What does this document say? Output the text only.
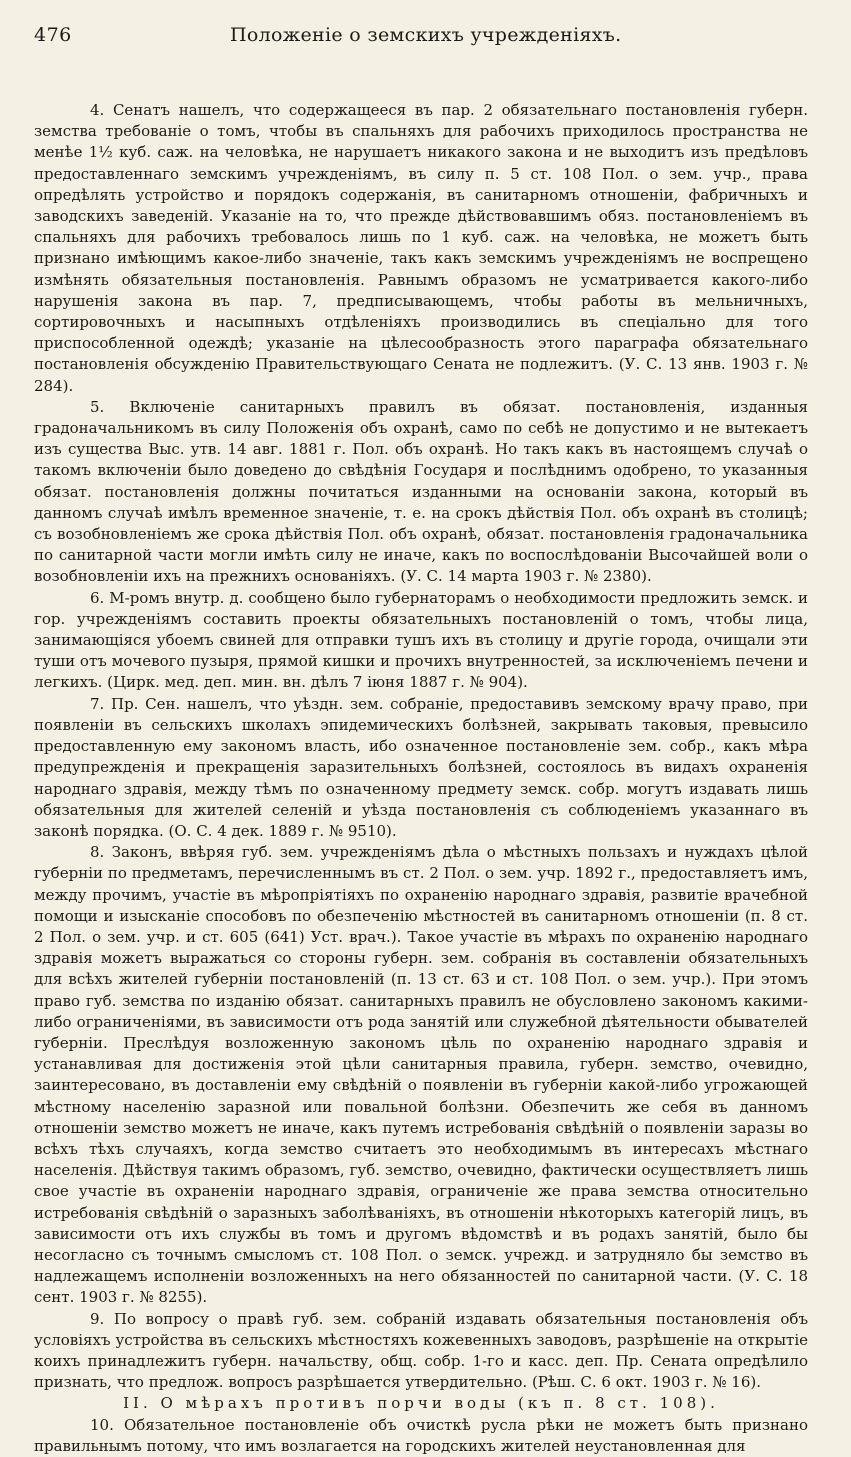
476	Положенie о земскихъ учрежденiяхъ.

4. Сенатъ нашелъ, что содержащееся въ пар. 2 обязательнаго постановленiя губерн. земства требованiе о томъ, чтобы въ спальняхъ для рабочихъ приходилось пространства не менѣе 1½ куб. саж. на человѣка, не нарушаетъ никакого закона и не выходитъ изъ предѣловъ предоставленнаго земскимъ учрежденiямъ, въ силу п. 5 ст. 108 Пол. о зем. учр., права опредѣлять устройство и порядокъ содержанiя, въ санитарномъ отношенiи, фабричныхъ и заводскихъ заведенiй. Указанiе на то, что прежде дѣйствовавшимъ обяз. постановленiемъ въ спальняхъ для рабочихъ требовалось лишь по 1 куб. саж. на человѣка, не можетъ быть признано имѣющимъ какое-либо значенiе, такъ какъ земскимъ учрежденiямъ не воспрещено измѣнять обязательныя постановленiя. Равнымъ образомъ не усматривается какого-либо нарушенiя закона въ пар. 7, предписывающемъ, чтобы работы въ мельничныхъ, сортировочныхъ и насыпныхъ отдѣленiяхъ производились въ спецiально для того приспособленной одеждѣ; указанiе на цѣлесообразность этого параграфа обязательнаго постановленiя обсужденiю Правительствующаго Сената не подлежитъ. (У. С. 13 янв. 1903 г. № 284).

5. Включенiе санитарныхъ правилъ въ обязат. постановленiя, изданныя градоначальникомъ въ силу Положенiя объ охранѣ, само по себѣ не допустимо и не вытекаетъ изъ существа Выс. утв. 14 авг. 1881 г. Пол. объ охранѣ. Но такъ какъ въ настоящемъ случаѣ о такомъ включенiи было доведено до свѣдѣнiя Государя и послѣднимъ одобрено, то указанныя обязат. постановленiя должны почитаться изданными на основанiи закона, который въ данномъ случаѣ имѣлъ временное значенiе, т. е. на срокъ дѣйствiя Пол. объ охранѣ въ столицѣ; съ возобновленiемъ же срока дѣйствiя Пол. объ охранѣ, обязат. постановленiя градоначальника по санитарной части могли имѣть силу не иначе, какъ по воспослѣдованiи Высочайшей воли о возобновленiи ихъ на прежнихъ основанiяхъ. (У. С. 14 марта 1903 г. № 2380).

6. М-ромъ внутр. д. сообщено было губернаторамъ о необходимости предложить земск. и гор. учрежденiямъ составить проекты обязательныхъ постановленiй о томъ, чтобы лица, занимающiяся убоемъ свиней для отправки тушъ ихъ въ столицу и другiе города, очищали эти туши отъ мочевого пузыря, прямой кишки и прочихъ внутренностей, за исключенiемъ печени и легкихъ. (Цирк. мед. деп. мин. вн. дѣлъ 7 iюня 1887 г. № 904).

7. Пр. Сен. нашелъ, что уѣздн. зем. собранiе, предоставивъ земскому врачу право, при появленiи въ сельскихъ школахъ эпидемическихъ болѣзней, закрывать таковыя, превысило предоставленную ему закономъ власть, ибо означенное постановленiе зем. собр., какъ мѣра предупрежденiя и прекращенiя заразительныхъ болѣзней, состоялось въ видахъ охраненiя народнаго здравiя, между тѣмъ по означенному предмету земск. собр. могутъ издавать лишь обязательныя для жителей селенiй и уѣзда постановленiя съ соблюденiемъ указаннаго въ законѣ порядка. (О. С. 4 дек. 1889 г. № 9510).

8. Законъ, ввѣряя губ. зем. учрежденiямъ дѣла о мѣстныхъ пользахъ и нуждахъ цѣлой губернiи по предметамъ, перечисленнымъ въ ст. 2 Пол. о зем. учр. 1892 г., предоставляетъ имъ, между прочимъ, участiе въ мѣропрiятiяхъ по охраненiю народнаго здравiя, развитiе врачебной помощи и изысканiе способовъ по обезпеченiю мѣстностей въ санитарномъ отношенiи (п. 8 ст. 2 Пол. о зем. учр. и ст. 605 (641) Уст. врач.). Такое участiе въ мѣрахъ по охраненiю народнаго здравiя можетъ выражаться со стороны губерн. зем. собранiя въ составленiи обязательныхъ для всѣхъ жителей губернiи постановленiй (п. 13 ст. 63 и ст. 108 Пол. о зем. учр.). При этомъ право губ. земства по изданiю обязат. санитарныхъ правилъ не обусловлено закономъ какими-либо ограниченiями, въ зависимости отъ рода занятiй или служебной дѣятельности обывателей губернiи. Преслѣдуя возложенную закономъ цѣль по охраненiю народнаго здравiя и устанавливая для достиженiя этой цѣли санитарныя правила, губерн. земство, очевидно, заинтересовано, въ доставленiи ему свѣдѣнiй о появленiи въ губернiи какой-либо угрожающей мѣстному населенiю заразной или повальной болѣзни. Обезпечить же себя въ данномъ отношенiи земство можетъ не иначе, какъ путемъ истребованiя свѣдѣнiй о появленiи заразы во всѣхъ тѣхъ случаяхъ, когда земство считаетъ это необходимымъ въ интересахъ мѣстнаго населенiя. Дѣйствуя такимъ образомъ, губ. земство, очевидно, фактически осуществляетъ лишь свое участiе въ охраненiи народнаго здравiя, ограниченiе же права земства относительно истребованiя свѣдѣнiй о заразныхъ заболѣванiяхъ, въ отношенiи нѣкоторыхъ категорiй лицъ, въ зависимости отъ ихъ службы въ томъ и другомъ вѣдомствѣ и въ родахъ занятiй, было бы несогласно съ точнымъ смысломъ ст. 108 Пол. о земск. учрежд. и затрудняло бы земство въ надлежащемъ исполненiи возложенныхъ на него обязанностей по санитарной части. (У. С. 18 сент. 1903 г. № 8255).

9. По вопросу о правѣ губ. зем. собранiй издавать обязательныя постановленiя объ условiяхъ устройства въ сельскихъ мѣстностяхъ кожевенныхъ заводовъ, разрѣшенiе на открытiе коихъ принадлежитъ губерн. начальству, общ. собр. 1-го и касс. деп. Пр. Сената опредѣлило признать, что предлож. вопросъ разрѣшается утвердительно. (Рѣш. С. 6 окт. 1903 г. № 16).

II. О мѣрахъ противъ порчи воды (къ п. 8 ст. 108).

10. Обязательное постановленiе объ очисткѣ русла рѣки не можетъ быть признано правильнымъ потому, что имъ возлагается на городскихъ жителей неустановленная для
